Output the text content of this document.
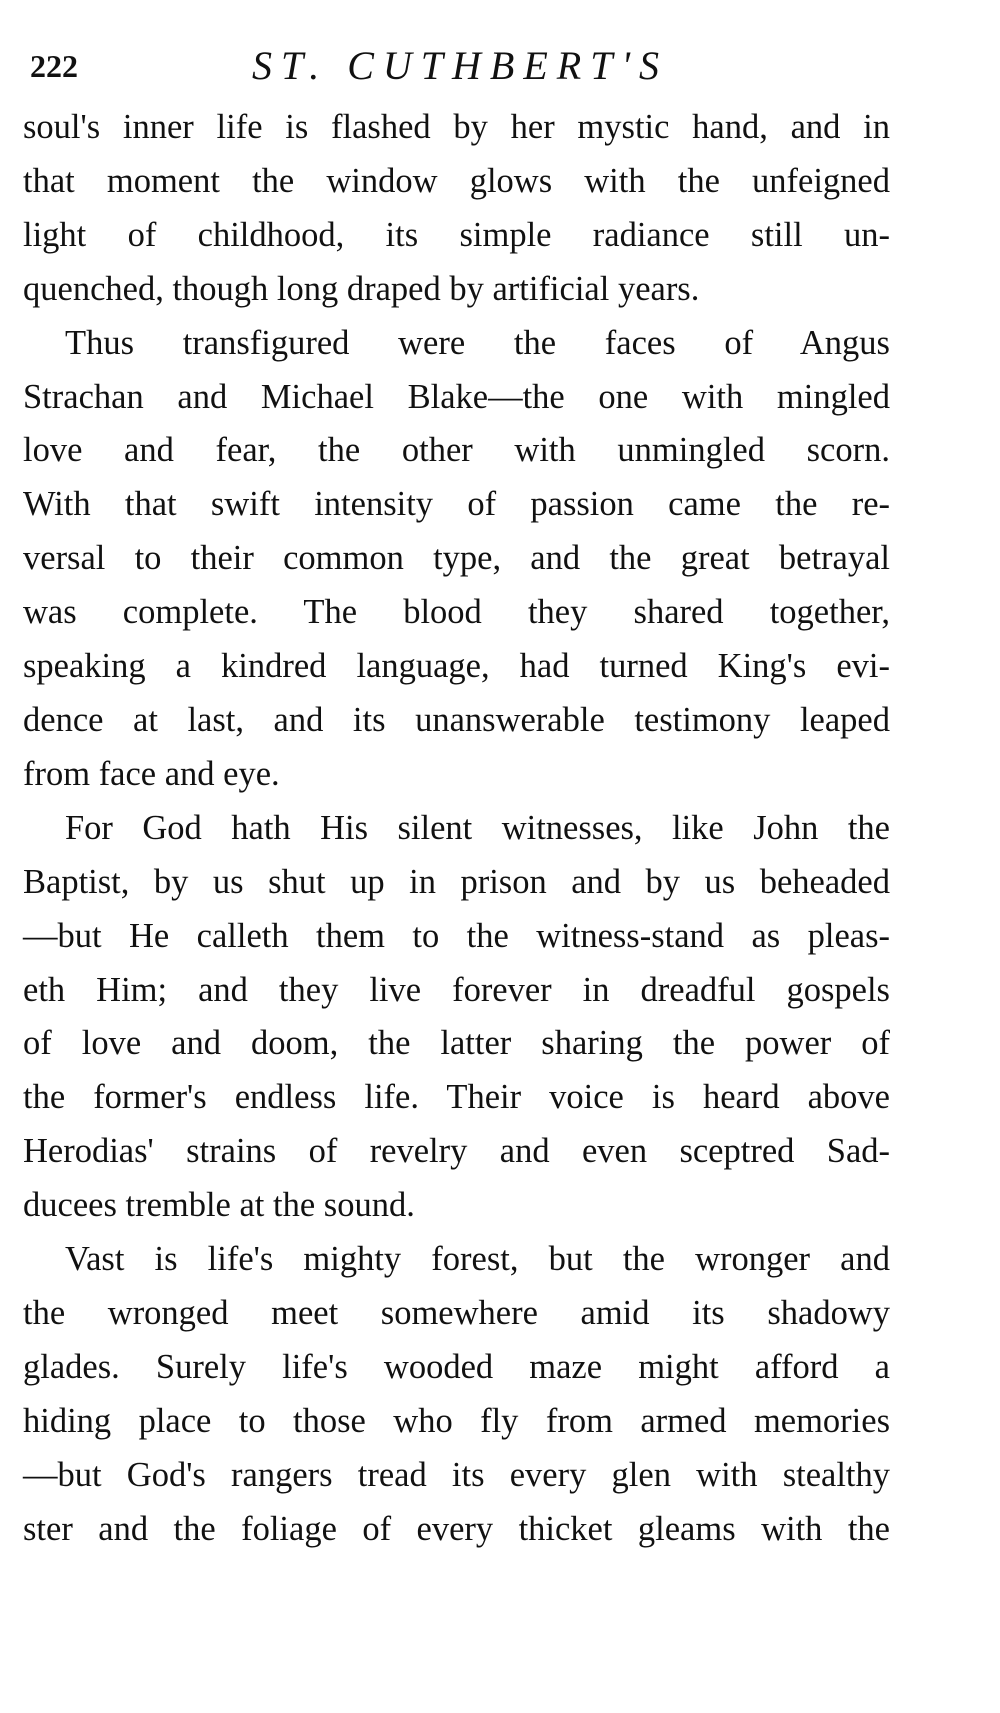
222	ST. CUTHBERT'S

soul's inner life is flashed by her mystic hand, and in
that moment the window glows with the unfeigned
light of childhood, its simple radiance still un-
quenched, though long draped by artificial years.

Thus transfigured were the faces of Angus
Strachan and Michael Blake—the one with mingled
love and fear, the other with unmingled scorn.
With that swift intensity of passion came the re-
versal to their common type, and the great betrayal
was complete. The blood they shared together,
speaking a kindred language, had turned King's evi-
dence at last, and its unanswerable testimony leaped
from face and eye.

For God hath His silent witnesses, like John the
Baptist, by us shut up in prison and by us beheaded
—but He calleth them to the witness-stand as pleas-
eth Him; and they live forever in dreadful gospels
of love and doom, the latter sharing the power of
the former's endless life. Their voice is heard above
Herodias' strains of revelry and even sceptred Sad-
ducees tremble at the sound.

Vast is life's mighty forest, but the wronger and
the wronged meet somewhere amid its shadowy
glades. Surely life's wooded maze might afford a
hiding place to those who fly from armed memories
—but God's rangers tread its every glen with stealthy
ster and the foliage of every thicket gleams with the
